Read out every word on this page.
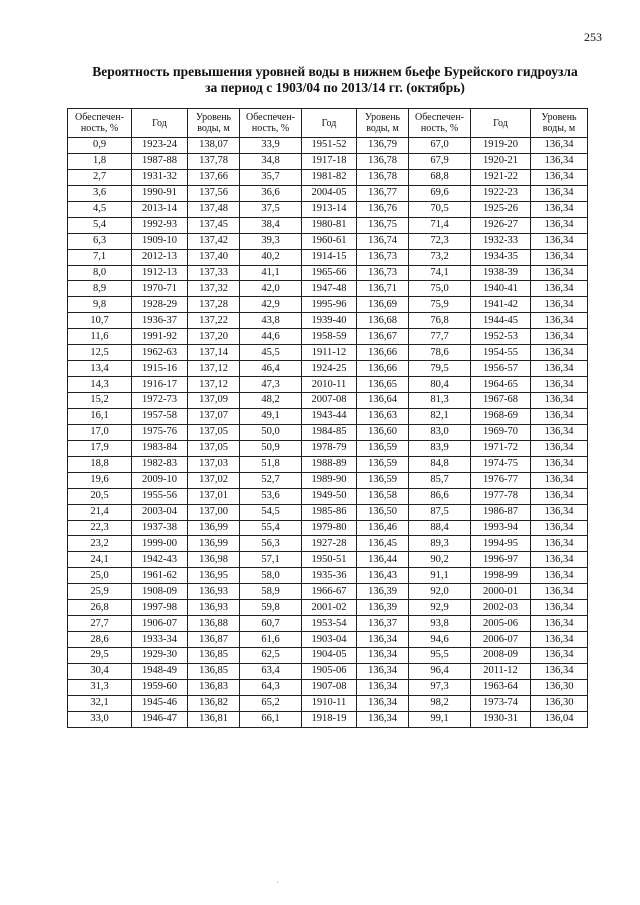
253
Вероятность превышения уровней воды в нижнем бьефе Бурейского гидроузла
за период с 1903/04 по 2013/14 гг. (октябрь)
Обеспечен-ность, %	Год	Уровень воды, м	Обеспечен-ность, %	Год	Уровень воды, м	Обеспечен-ность, %	Год	Уровень воды, м
0,9	1923-24	138,07	33,9	1951-52	136,79	67,0	1919-20	136,34
1,8	1987-88	137,78	34,8	1917-18	136,78	67,9	1920-21	136,34
2,7	1931-32	137,66	35,7	1981-82	136,78	68,8	1921-22	136,34
3,6	1990-91	137,56	36,6	2004-05	136,77	69,6	1922-23	136,34
4,5	2013-14	137,48	37,5	1913-14	136,76	70,5	1925-26	136,34
5,4	1992-93	137,45	38,4	1980-81	136,75	71,4	1926-27	136,34
6,3	1909-10	137,42	39,3	1960-61	136,74	72,3	1932-33	136,34
7,1	2012-13	137,40	40,2	1914-15	136,73	73,2	1934-35	136,34
8,0	1912-13	137,33	41,1	1965-66	136,73	74,1	1938-39	136,34
8,9	1970-71	137,32	42,0	1947-48	136,71	75,0	1940-41	136,34
9,8	1928-29	137,28	42,9	1995-96	136,69	75,9	1941-42	136,34
10,7	1936-37	137,22	43,8	1939-40	136,68	76,8	1944-45	136,34
11,6	1991-92	137,20	44,6	1958-59	136,67	77,7	1952-53	136,34
12,5	1962-63	137,14	45,5	1911-12	136,66	78,6	1954-55	136,34
13,4	1915-16	137,12	46,4	1924-25	136,66	79,5	1956-57	136,34
14,3	1916-17	137,12	47,3	2010-11	136,65	80,4	1964-65	136,34
15,2	1972-73	137,09	48,2	2007-08	136,64	81,3	1967-68	136,34
16,1	1957-58	137,07	49,1	1943-44	136,63	82,1	1968-69	136,34
17,0	1975-76	137,05	50,0	1984-85	136,60	83,0	1969-70	136,34
17,9	1983-84	137,05	50,9	1978-79	136,59	83,9	1971-72	136,34
18,8	1982-83	137,03	51,8	1988-89	136,59	84,8	1974-75	136,34
19,6	2009-10	137,02	52,7	1989-90	136,59	85,7	1976-77	136,34
20,5	1955-56	137,01	53,6	1949-50	136,58	86,6	1977-78	136,34
21,4	2003-04	137,00	54,5	1985-86	136,50	87,5	1986-87	136,34
22,3	1937-38	136,99	55,4	1979-80	136,46	88,4	1993-94	136,34
23,2	1999-00	136,99	56,3	1927-28	136,45	89,3	1994-95	136,34
24,1	1942-43	136,98	57,1	1950-51	136,44	90,2	1996-97	136,34
25,0	1961-62	136,95	58,0	1935-36	136,43	91,1	1998-99	136,34
25,9	1908-09	136,93	58,9	1966-67	136,39	92,0	2000-01	136,34
26,8	1997-98	136,93	59,8	2001-02	136,39	92,9	2002-03	136,34
27,7	1906-07	136,88	60,7	1953-54	136,37	93,8	2005-06	136,34
28,6	1933-34	136,87	61,6	1903-04	136,34	94,6	2006-07	136,34
29,5	1929-30	136,85	62,5	1904-05	136,34	95,5	2008-09	136,34
30,4	1948-49	136,85	63,4	1905-06	136,34	96,4	2011-12	136,34
31,3	1959-60	136,83	64,3	1907-08	136,34	97,3	1963-64	136,30
32,1	1945-46	136,82	65,2	1910-11	136,34	98,2	1973-74	136,30
33,0	1946-47	136,81	66,1	1918-19	136,34	99,1	1930-31	136,04
·
